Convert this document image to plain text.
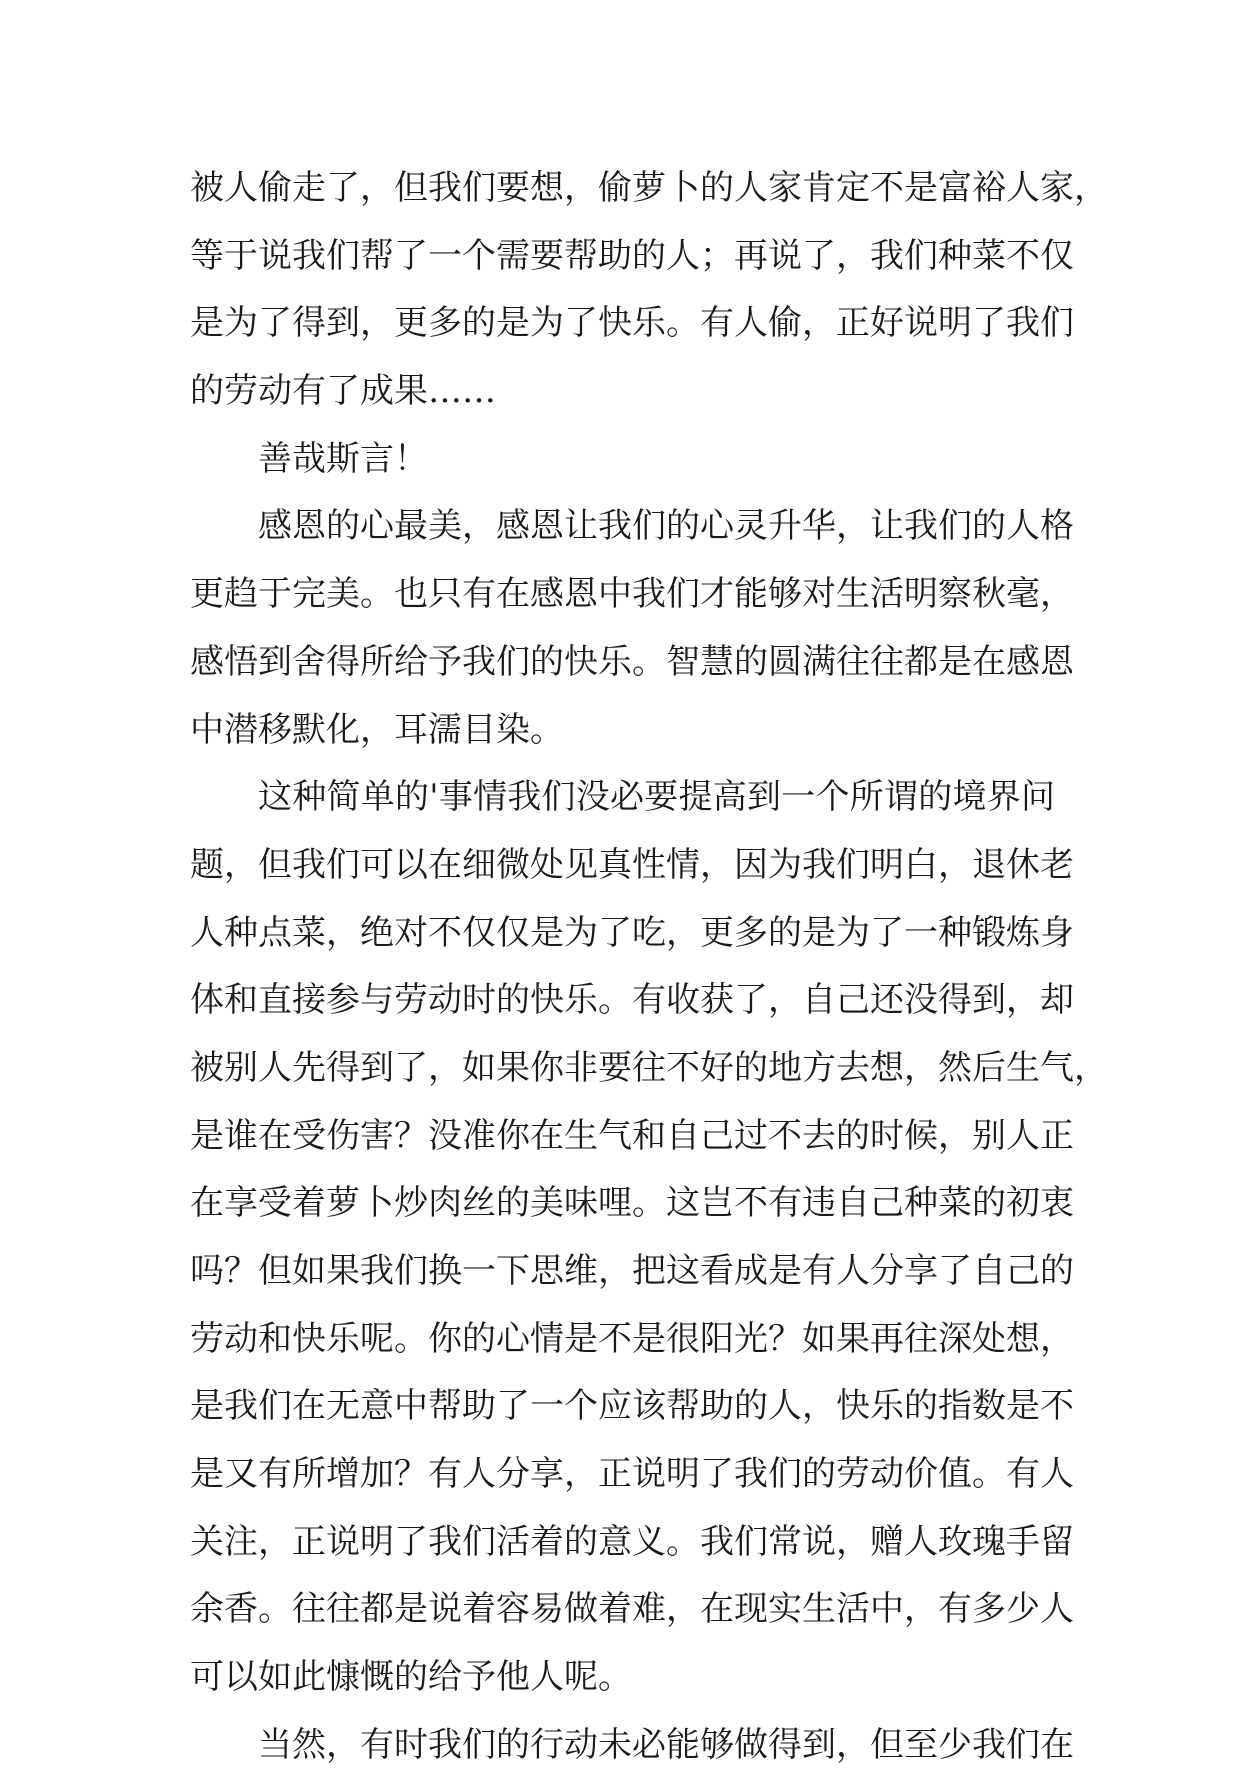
被人偷走了，但我们要想，偷萝卜的人家肯定不是富裕人家，
等于说我们帮了一个需要帮助的人；再说了，我们种菜不仅
是为了得到，更多的是为了快乐。有人偷，正好说明了我们
的劳动有了成果……
善哉斯言！
感恩的心最美，感恩让我们的心灵升华，让我们的人格
更趋于完美。也只有在感恩中我们才能够对生活明察秋毫，
感悟到舍得所给予我们的快乐。智慧的圆满往往都是在感恩
中潜移默化，耳濡目染。
这种简单的'事情我们没必要提高到一个所谓的境界问
题，但我们可以在细微处见真性情，因为我们明白，退休老
人种点菜，绝对不仅仅是为了吃，更多的是为了一种锻炼身
体和直接参与劳动时的快乐。有收获了，自己还没得到，却
被别人先得到了，如果你非要往不好的地方去想，然后生气，
是谁在受伤害？没准你在生气和自己过不去的时候，别人正
在享受着萝卜炒肉丝的美味哩。这岂不有违自己种菜的初衷
吗？但如果我们换一下思维，把这看成是有人分享了自己的
劳动和快乐呢。你的心情是不是很阳光？如果再往深处想，
是我们在无意中帮助了一个应该帮助的人，快乐的指数是不
是又有所增加？有人分享，正说明了我们的劳动价值。有人
关注，正说明了我们活着的意义。我们常说，赠人玫瑰手留
余香。往往都是说着容易做着难，在现实生活中，有多少人
可以如此慷慨的给予他人呢。
当然，有时我们的行动未必能够做得到，但至少我们在
